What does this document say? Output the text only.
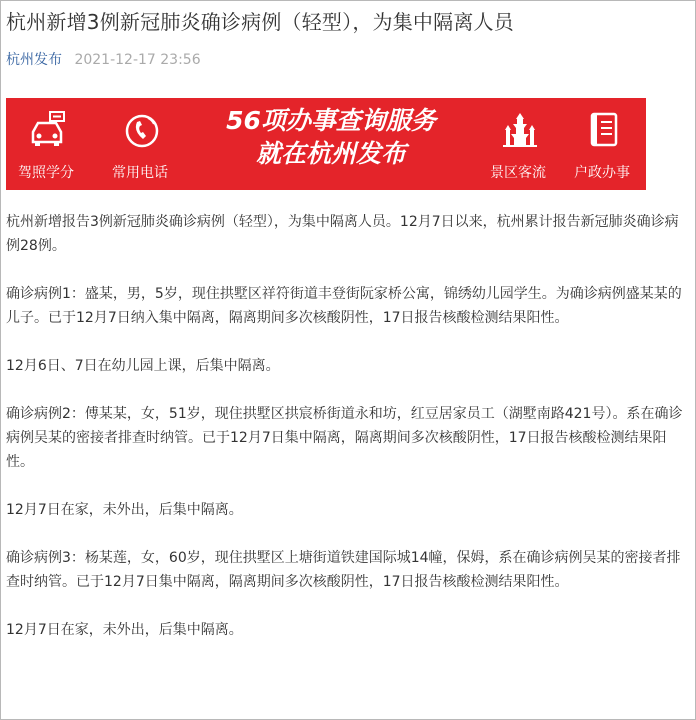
杭州新增3例新冠肺炎确诊病例（轻型），为集中隔离人员
杭州发布 2021-12-17 23:56
驾照学分	常用电话
56项办事查询服务
就在杭州发布
景区客流	户政办事

杭州新增报告3例新冠肺炎确诊病例（轻型），为集中隔离人员。12月7日以来，杭州累计报告新冠肺炎确诊病例28例。

确诊病例1：盛某，男，5岁，现住拱墅区祥符街道丰登街阮家桥公寓，锦绣幼儿园学生。为确诊病例盛某某的儿子。已于12月7日纳入集中隔离，隔离期间多次核酸阴性，17日报告核酸检测结果阳性。

12月6日、7日在幼儿园上课，后集中隔离。

确诊病例2：傅某某，女，51岁，现住拱墅区拱宸桥街道永和坊，红豆居家员工（湖墅南路421号）。系在确诊病例吴某的密接者排查时纳管。已于12月7日集中隔离，隔离期间多次核酸阴性，17日报告核酸检测结果阳性。

12月7日在家，未外出，后集中隔离。

确诊病例3：杨某莲，女，60岁，现住拱墅区上塘街道铁建国际城14幢，保姆，系在确诊病例吴某的密接者排查时纳管。已于12月7日集中隔离，隔离期间多次核酸阴性，17日报告核酸检测结果阳性。

12月7日在家，未外出，后集中隔离。
